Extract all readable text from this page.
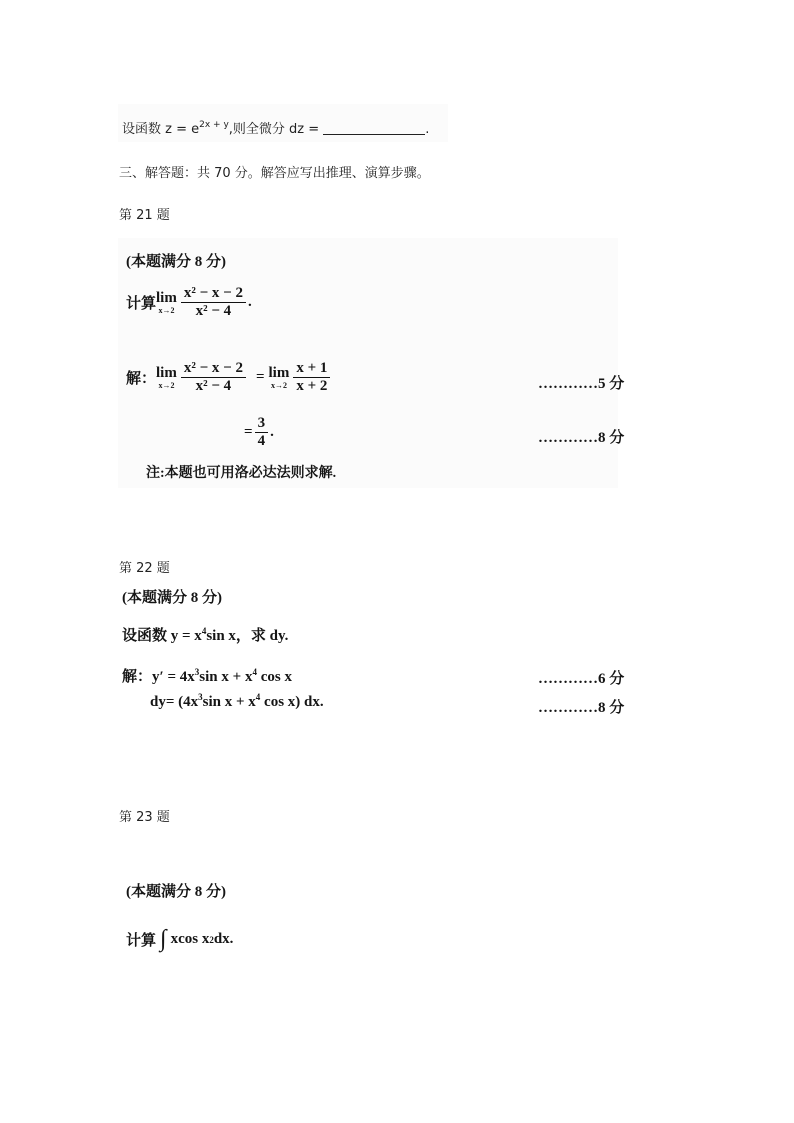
设函数 $z = e^{2x + y}$,则全微分 dz =	.
三、解答题：共 70 分。解答应写出推理、演算步骤。
第 21 题
(本题满分 8 分)
计算 lim
$x\to 2 \frac{\text{x² − x − 2}}{\text{x² − 4}}$ .
解： lim
$x\to 2 \frac{\text{x² − x − 2}}{\text{x² − 4}} = \lim$
$x\to 2 \frac{x + 1}{x + 2}$	…………5 分
= $\frac{3}{4}$ .	…………8 分
注:本题也可用洛必达法则求解.
第 22 题
(本题满分 8 分)
设函数 $y = x^4\sin$ x，求 dy.
解：$y' = 4x^3\sin$ $x + x^4$ cos x	…………6 分
$dy= (4x^3\sin$ $x + x^4$ cos x) dx.	…………8 分
第 23 题
(本题满分 8 分)
计算 ∫ xcos x 2 dx.
